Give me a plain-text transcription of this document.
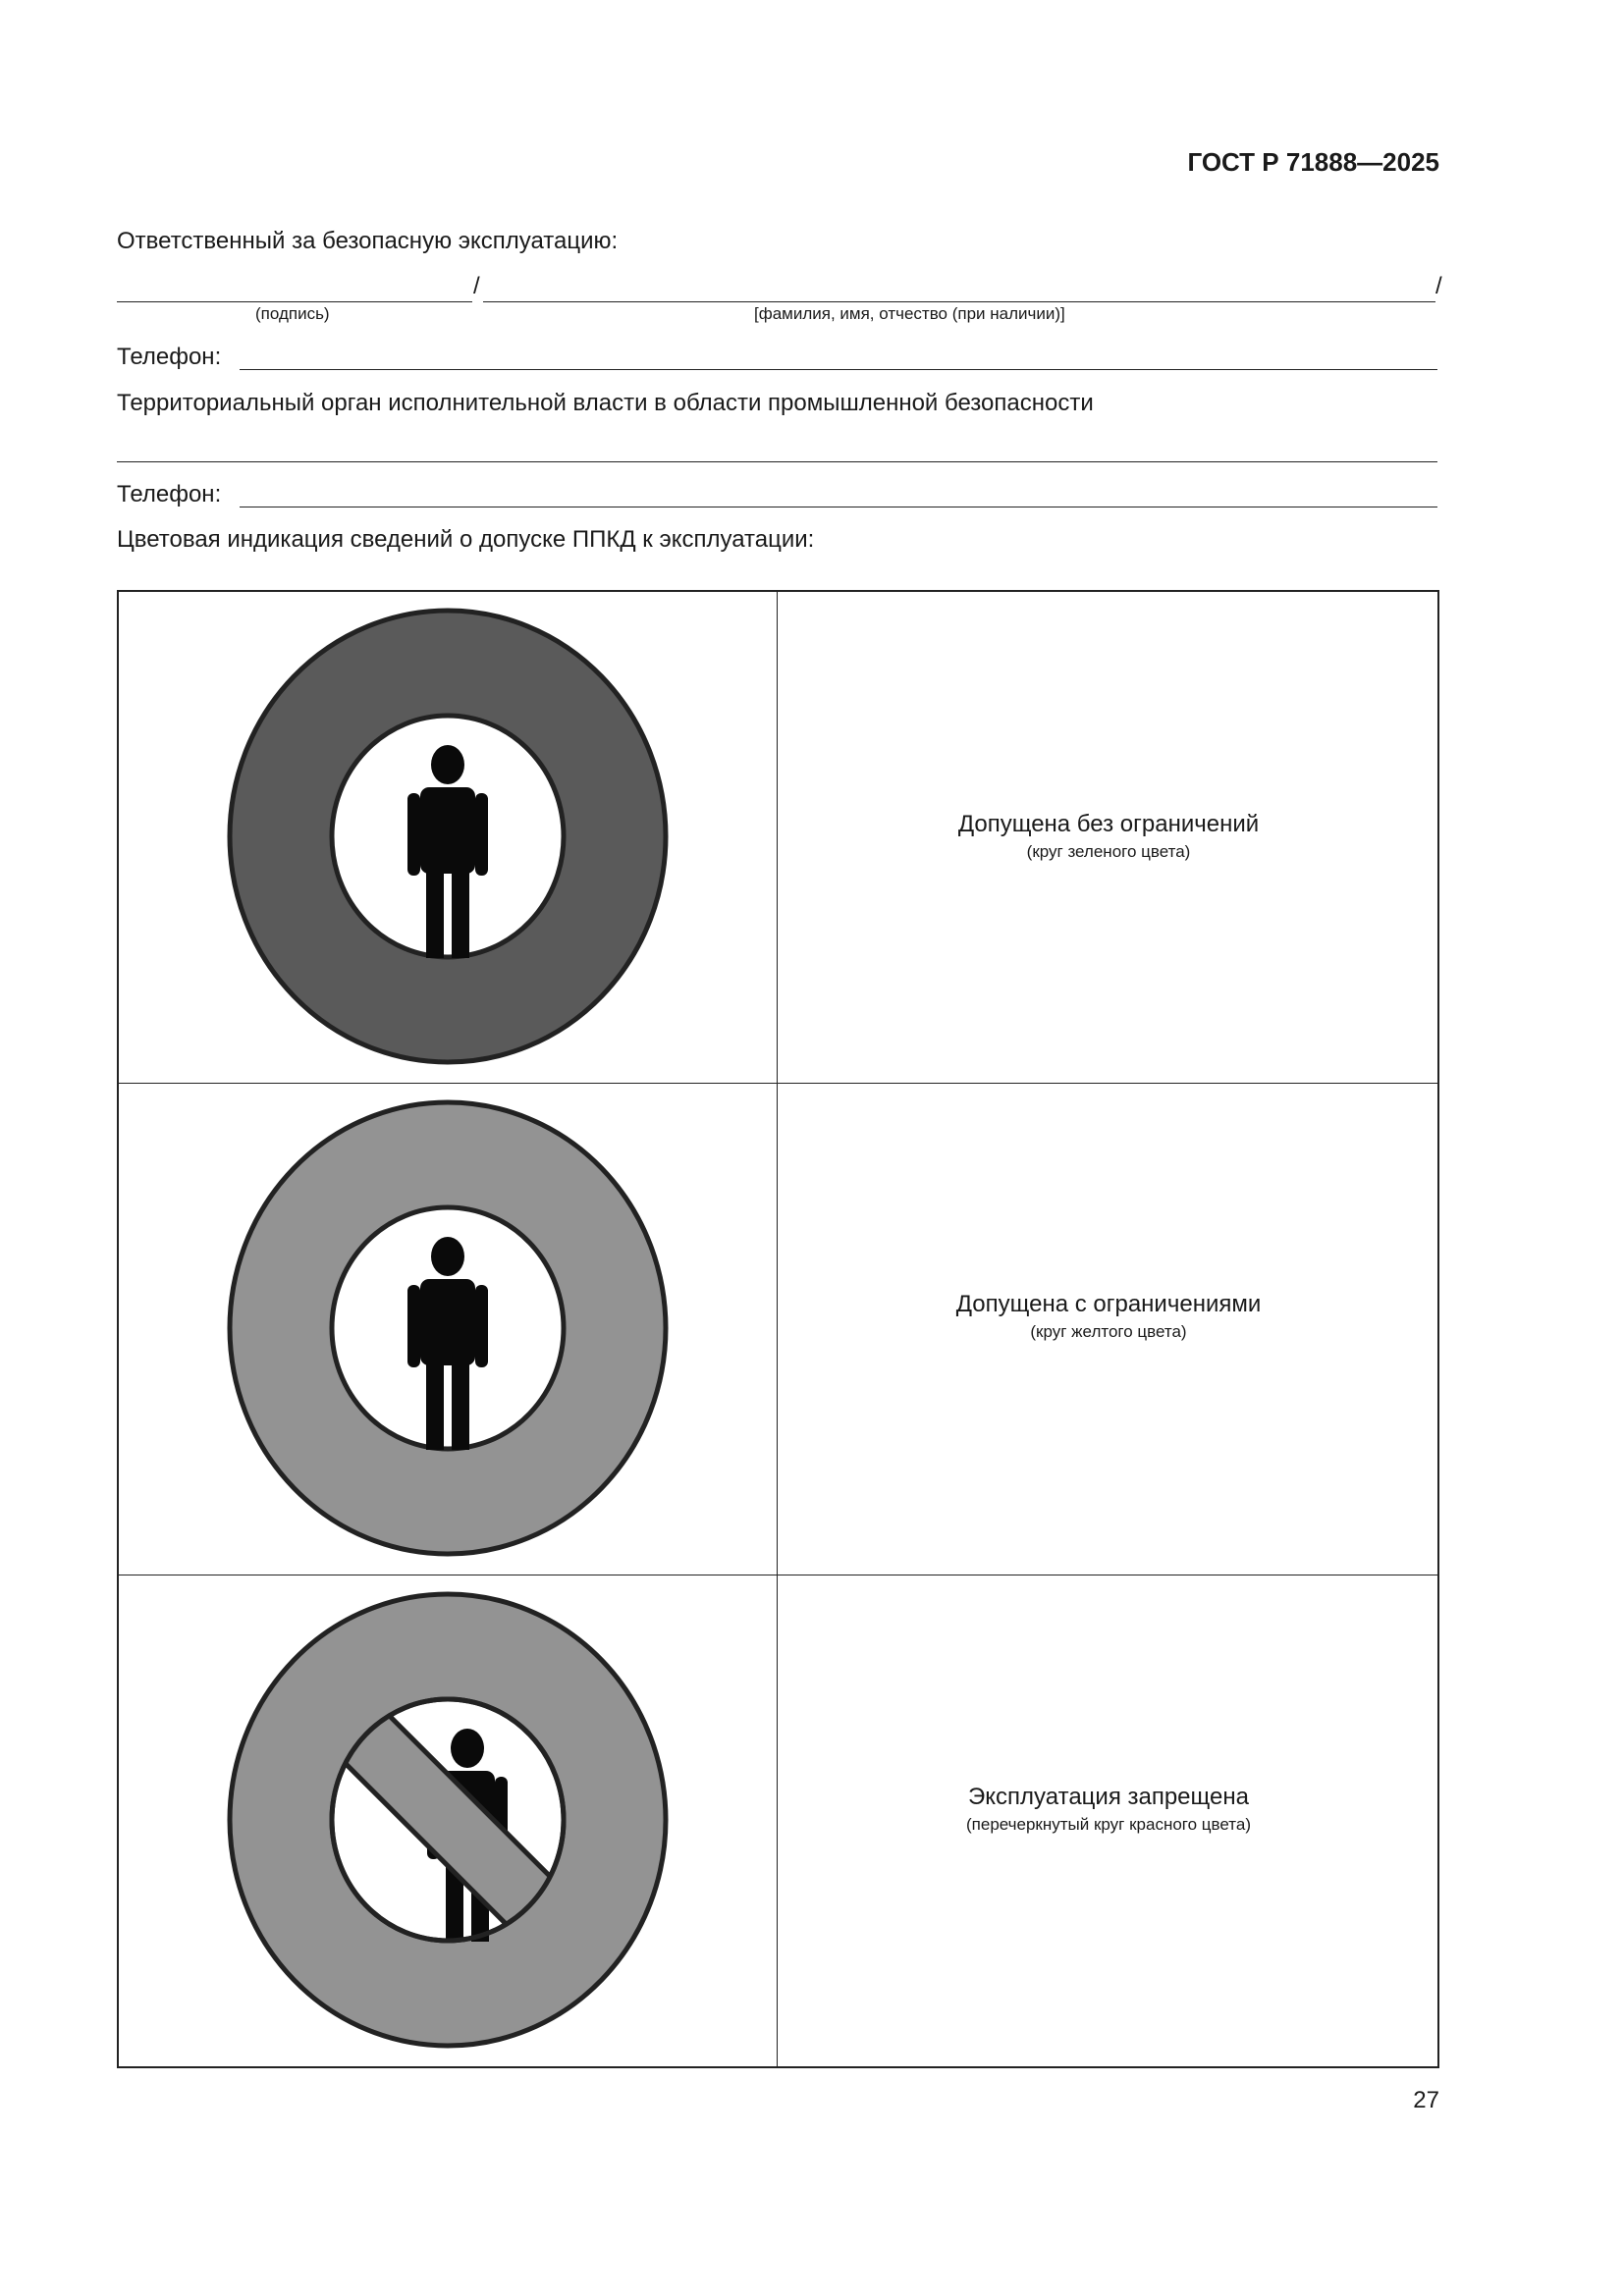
ГОСТ Р 71888—2025
Ответственный за безопасную эксплуатацию:
/	/
(подпись)	[фамилия, имя, отчество (при наличии)]
Телефон:
Территориальный орган исполнительной власти в области промышленной безопасности
Телефон:
Цветовая индикация сведений о допуске ППКД к эксплуатации:
Допущена без ограничений
(круг зеленого цвета)
Допущена с ограничениями
(круг желтого цвета)
Эксплуатация запрещена
(перечеркнутый круг красного цвета)
27
